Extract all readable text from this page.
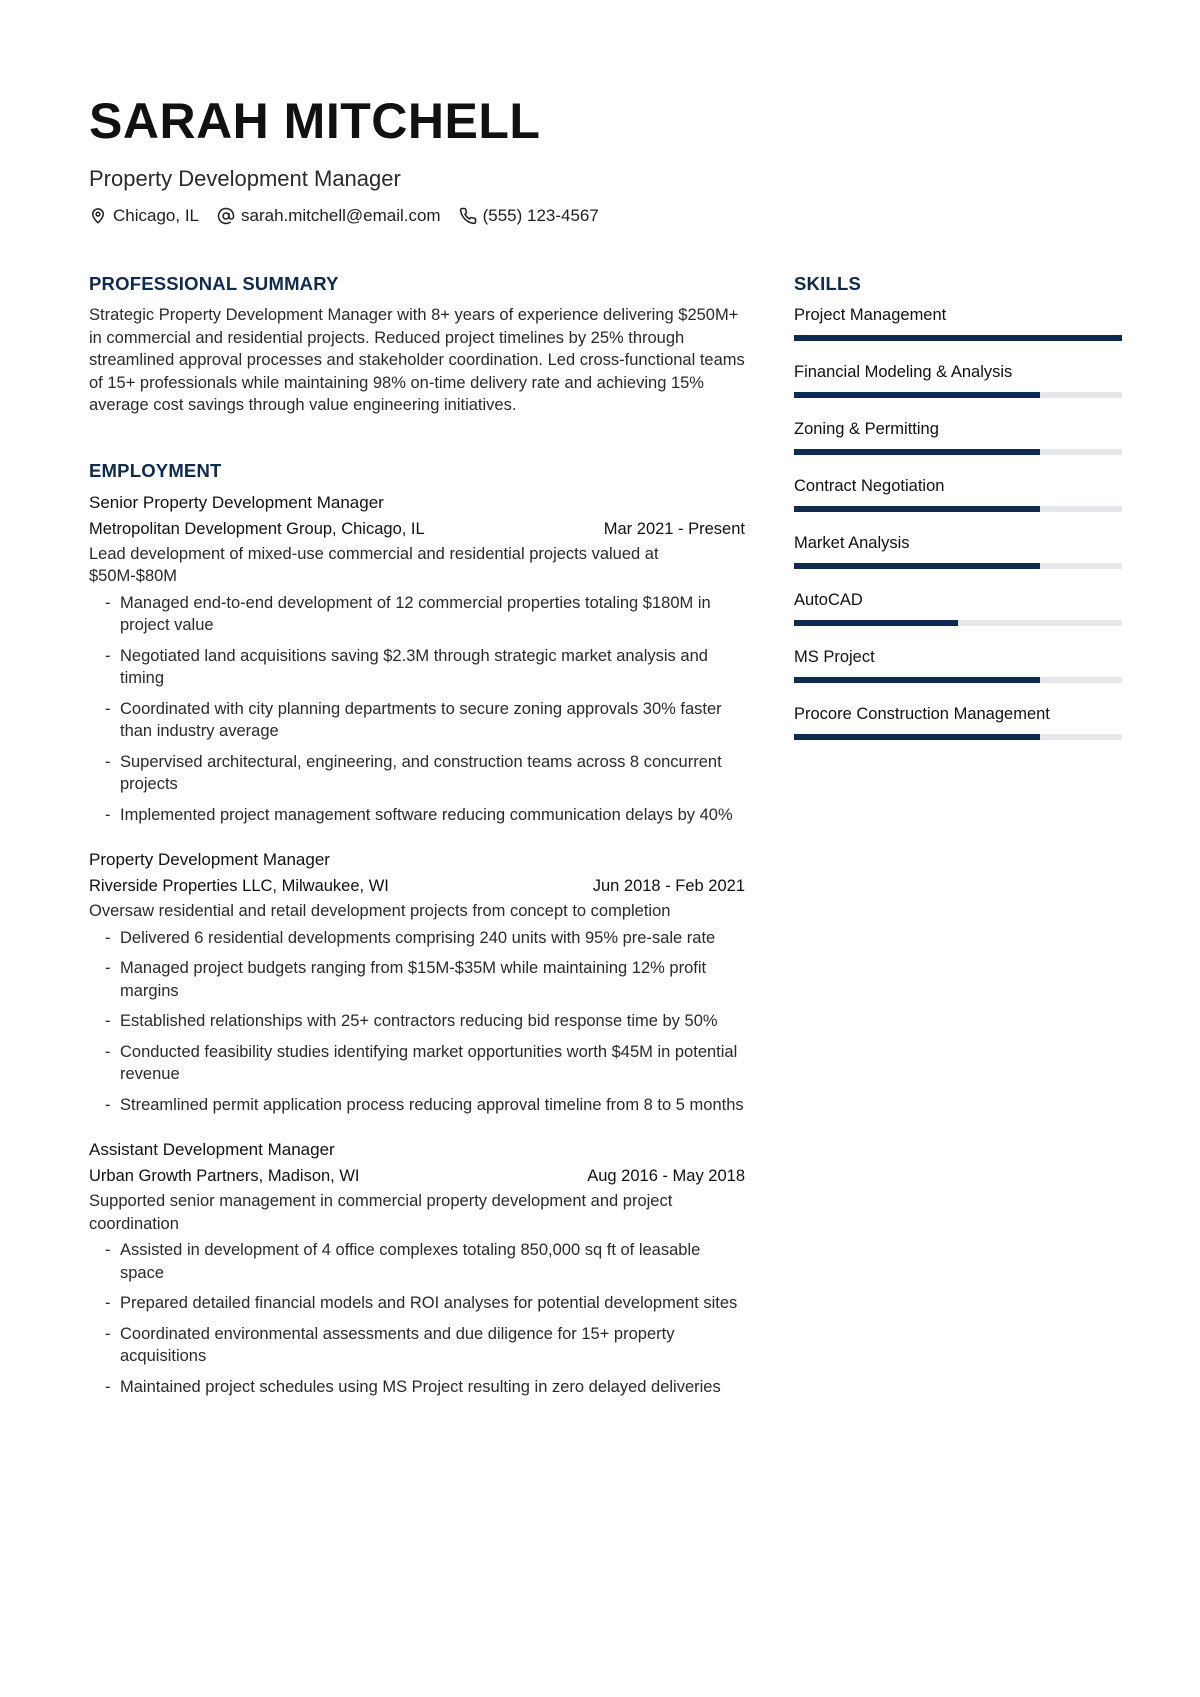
SARAH MITCHELL
Property Development Manager
Chicago, IL sarah.mitchell@email.com (555) 123-4567
PROFESSIONAL SUMMARY

Strategic Property Development Manager with 8+ years of experience delivering $250M+ in commercial and residential projects. Reduced project timelines by 25% through streamlined approval processes and stakeholder coordination. Led cross-functional teams of 15+ professionals while maintaining 98% on-time delivery rate and achieving 15% average cost savings through value engineering initiatives.

EMPLOYMENT
Senior Property Development Manager
Metropolitan Development Group, Chicago, IL	Mar 2021 - Present
Lead development of mixed-use commercial and residential projects valued at $50M-$80M
- Managed end-to-end development of 12 commercial properties totaling $180M in project value
- Negotiated land acquisitions saving $2.3M through strategic market analysis and timing
- Coordinated with city planning departments to secure zoning approvals 30% faster than industry average
- Supervised architectural, engineering, and construction teams across 8 concurrent projects
- Implemented project management software reducing communication delays by 40%
Property Development Manager
Riverside Properties LLC, Milwaukee, WI	Jun 2018 - Feb 2021
Oversaw residential and retail development projects from concept to completion
- Delivered 6 residential developments comprising 240 units with 95% pre-sale rate
- Managed project budgets ranging from $15M-$35M while maintaining 12% profit margins
- Established relationships with 25+ contractors reducing bid response time by 50%
- Conducted feasibility studies identifying market opportunities worth $45M in potential revenue
- Streamlined permit application process reducing approval timeline from 8 to 5 months
Assistant Development Manager
Urban Growth Partners, Madison, WI	Aug 2016 - May 2018
Supported senior management in commercial property development and project coordination
- Assisted in development of 4 office complexes totaling 850,000 sq ft of leasable space
- Prepared detailed financial models and ROI analyses for potential development sites
- Coordinated environmental assessments and due diligence for 15+ property acquisitions
- Maintained project schedules using MS Project resulting in zero delayed deliveries
SKILLS
Project Management
Financial Modeling & Analysis
Zoning & Permitting
Contract Negotiation
Market Analysis
AutoCAD
MS Project
Procore Construction Management
